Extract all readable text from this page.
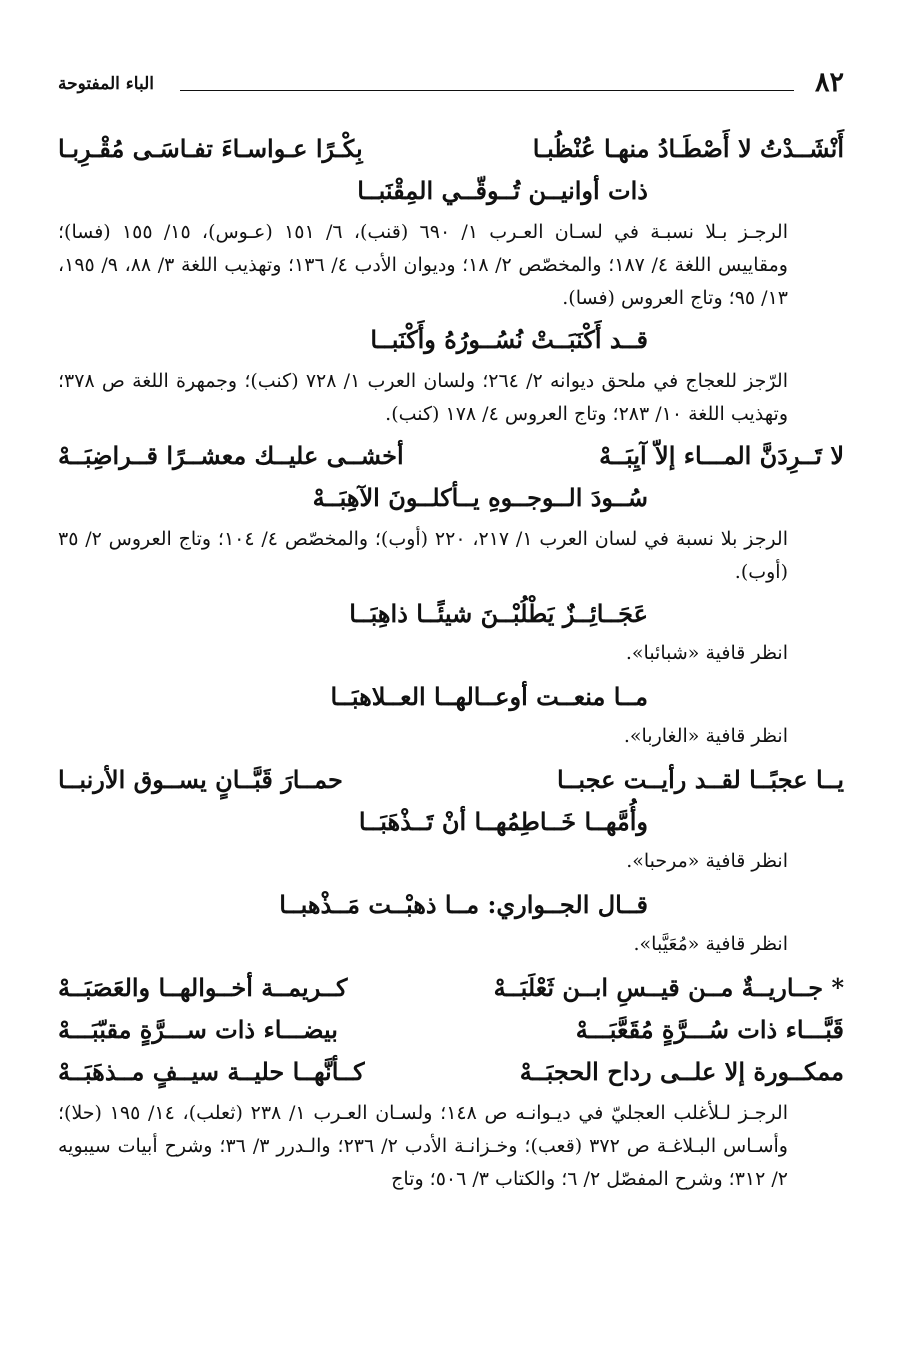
٨٢
الباء المفتوحة
أَنْشَــدْتُ لا أَصْطَـادُ منهـا عُنْظُبـا
بِكْـرًا عـواسـاءَ تفـاسَـى مُقْـرِبـا
ذات أوانيــن تُــوقّــي المِقْنَبــا

الرجـز بـلا نسبـة في لسـان العـرب ١/ ٦٩٠ (قنب)، ٦/ ١٥١ (عـوس)، ١٥/ ١٥٥ (فسا)؛ ومقاييس اللغة ٤/ ١٨٧؛ والمخصّص ٢/ ١٨؛ وديوان الأدب ٤/ ١٣٦؛ وتهذيب اللغة ٣/ ٨٨، ٩/ ١٩٥، ١٣/ ٩٥؛ وتاج العروس (فسا).

قــد أَكْنَبَــتْ نُسُــورُهُ وأَكْنَبــا

الرّجز للعجاج في ملحق ديوانه ٢/ ٢٦٤؛ ولسان العرب ١/ ٧٢٨ (كنب)؛ وجمهرة اللغة ص ٣٧٨؛ وتهذيب اللغة ١٠/ ٢٨٣؛ وتاج العروس ٤/ ١٧٨ (كنب).

لا تَــرِدَنَّ المـــاء إلاّ آيِبَــهْ
أخشــى عليــك معشــرًا قــراضِبَــهْ
سُــودَ الــوجــوهِ يــأكلــونَ الآهِبَــهْ

الرجز بلا نسبة في لسان العرب ١/ ٢١٧، ٢٢٠ (أوب)؛ والمخصّص ٤/ ١٠٤؛ وتاج العروس ٢/ ٣٥ (أوب).

عَجَــائِــزٌ يَطْلُبْــنَ شيئًــا ذاهِبَــا

انظر قافية «شبائبا».

مــا منعــت أوعــالهــا العــلاهبَــا

انظر قافية «الغاربا».

يــا عجبًــا لقــد رأيــت عجبــا
حمــارَ قَبَّــانٍ يســوق الأرنبــا
وأُمَّهــا خَــاطِمُهــا أنْ تَــذْهَبَــا

انظر قافية «مرحبا».

قــال الجــواري: مــا ذهبْــت مَــذْهبــا

انظر قافية «مُعَيَّبا».

* جــاريــةٌ مــن قيــسِ ابــن ثَعْلَبَــهْ
كــريمــة أخــوالهــا والعَصَبَــهْ
قَبَّـــاء ذات سُـــرَّةٍ مُقَعَّبَـــهْ
بيضـــاء ذات ســـرَّةٍ مقبّبَـــهْ
ممكــورة إلا علــى رداح الحجبَــهْ
كــأنَّهــا حليــة سيــفٍ مــذهَبَــهْ

الرجـز لـلأغلب العجليّ في ديـوانـه ص ١٤٨؛ ولسـان العـرب ١/ ٢٣٨ (ثعلب)، ١٤/ ١٩٥ (حلا)؛ وأسـاس البـلاغـة ص ٣٧٢ (قعب)؛ وخـزانـة الأدب ٢/ ٢٣٦؛ والـدرر ٣/ ٣٦؛ وشرح أبيات سيبويه ٢/ ٣١٢؛ وشرح المفصّل ٢/ ٦؛ والكتاب ٣/ ٥٠٦؛ وتاج
